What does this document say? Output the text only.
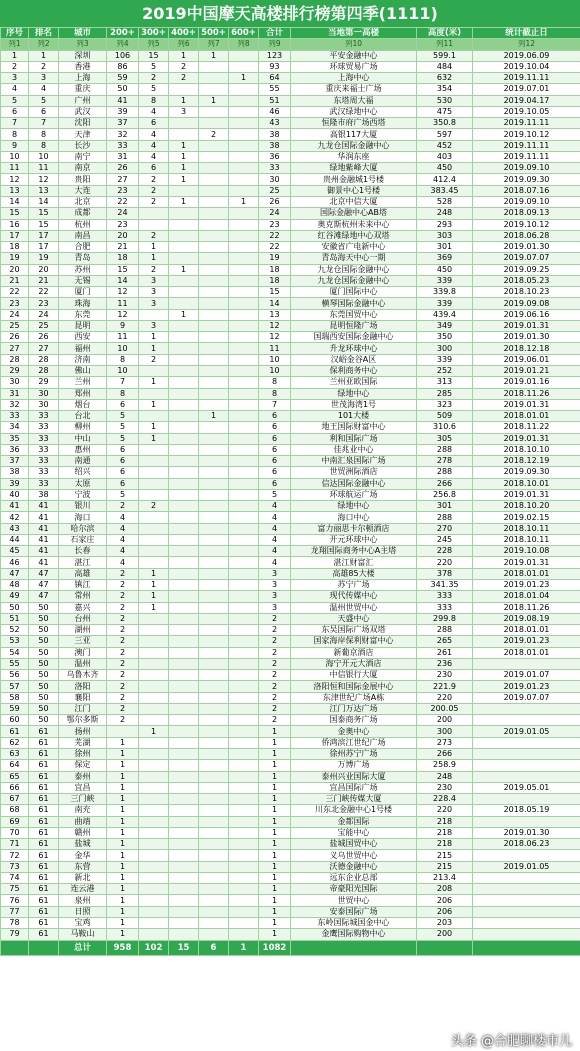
2019中国摩天高楼排行榜第四季(1111)
序号	排名	城市	200+	300+	400+	500+	600+	合计	当地第一高楼	高度(米)	统计截止日
列1	列2	列3	列4	列5	列6	列7	列8	列9	列10	列11	列12
1	1	深圳	106	15	1	1		123	平安金融中心	599.1	2019.06.09
2	2	香港	86	5	2			93	环球贸易广场	484	2019.10.04
3	3	上海	59	2	2		1	64	上海中心	632	2019.11.11
4	4	重庆	50	5				55	重庆来福士广场	354	2019.07.01
5	5	广州	41	8	1	1		51	东塔周大福	530	2019.04.17
6	6	武汉	39	4	3			46	武汉绿地中心	475	2019.10.05
7	7	沈阳	37	6				43	恒隆市府广场西塔	350.8	2019.11.11
8	8	天津	32	4		2		38	高银117大厦	597	2019.10.12
9	8	长沙	33	4	1			38	九龙仓国际金融中心	452	2019.11.11
10	10	南宁	31	4	1			36	华润东座	403	2019.11.11
11	11	南京	26	6	1			33	绿地紫峰大厦	450	2019.09.10
12	12	贵阳	27	2	1			30	贵州金融城1号楼	412.4	2019.09.30
13	13	大连	23	2				25	御景中心1号楼	383.45	2018.07.16
14	14	北京	22	2	1		1	26	北京中信大厦	528	2019.09.10
15	15	成都	24					24	国际金融中心AB塔	248	2018.09.13
16	15	杭州	23					23	奥克斯杭州未来中心	293	2019.10.12
17	17	南昌	20	2				22	红谷滩绿地中心双塔	303	2018.06.28
18	17	合肥	21	1				22	安徽省广电新中心	301	2019.01.30
19	19	青岛	18	1				19	青岛海天中心一期	369	2019.07.07
20	20	苏州	15	2	1			18	九龙仓国际金融中心	450	2019.09.25
21	21	无锡	14	3				18	九龙仓国际金融中心	339	2018.05.23
22	22	厦门	12	3				15	厦门国际中心	339.8	2018.10.23
23	23	珠海	11	3				14	横琴国际金融中心	339	2019.09.08
24	24	东莞	12		1			13	东莞国贸中心	439.4	2019.06.16
25	25	昆明	9	3				12	昆明恒隆广场	349	2019.01.31
26	26	西安	11	1				12	国瑞西安国际金融中心	350	2019.01.30
27	27	福州	10	1				11	升龙环球中心	300	2018.12.18
28	28	济南	8	2				10	汉峪金谷A区	339	2019.06.01
29	28	佛山	10					10	保利商务中心	252	2019.01.21
30	29	兰州	7	1				8	兰州亚欧国际	313	2019.01.16
31	30	郑州	8					8	绿地中心	285	2018.11.26
32	30	烟台	6	1				7	世茂海湾1号	323	2019.01.31
33	33	台北	5			1		6	101大楼	509	2018.01.01
34	33	柳州	5	1				6	地王国际财富中心	310.6	2018.11.22
35	33	中山	5	1				6	利和国际广场	305	2019.01.31
36	33	惠州	6					6	佳兆业中心	288	2018.10.10
37	33	南通	6					6	中南汇泉国际广场	278	2018.12.19
38	33	绍兴	6					6	世贸洲际酒店	288	2019.09.30
39	33	太原	6					6	信达国际金融中心	266	2018.10.01
40	38	宁波	5					5	环球航运广场	256.8	2019.01.31
41	41	银川	2	2				4	绿地中心	301	2018.10.20
42	41	海口	4					4	海口中心	288	2019.02.15
43	41	哈尔滨	4					4	富力丽思卡尔顿酒店	270	2018.10.11
44	41	石家庄	4					4	开元环球中心	245	2018.10.11
45	41	长春	4					4	龙翔国际商务中心A主塔	228	2019.10.08
46	41	湛江	4					4	湛江财富汇	220	2019.01.31
47	47	高雄	2	1				3	高雄85大楼	378	2018.01.01
48	47	镇江	2	1				3	苏宁广场	341.35	2019.01.23
49	47	常州	2	1				3	现代传媒中心	333	2018.01.04
50	50	嘉兴	2	1				3	温州世贸中心	333	2018.11.26
51	50	台州	2					2	天盛中心	299.8	2019.08.19
52	50	湖州	2					2	东吴国际广场双塔	288	2018.01.01
53	50	三亚	2					2	国家海岸保利财富中心	265	2019.01.23
54	50	澳门	2					2	新葡京酒店	261	2018.01.01
55	50	温州	2					2	海宁开元大酒店	236	
56	50	乌鲁木齐	2					2	中信银行大厦	230	2019.01.07
57	50	洛阳	2					2	洛阳恒和国际金展中心	221.9	2019.01.23
58	50	襄阳	2					2	东津世纪广场A栋	220	2019.07.07
59	50	江门	2					2	江门万达广场	200.05	
60	50	鄂尔多斯	2					2	国泰商务广场	200	
61	61	扬州		1				1	金奥中心	300	2019.01.05
62	61	芜湖	1					1	侨鸿滨江世纪广场	273	
63	61	徐州	1					1	徐州苏宁广场	266	
64	61	保定	1					1	万博广场	258.9	
65	61	泰州	1					1	泰州兴业国际大厦	248	
66	61	宜昌	1					1	宜昌国际广场	230	2019.05.01
67	61	三门峡	1					1	三门峡传媒大厦	228.4	
68	61	南充	1					1	川东北金融中心1号楼	220	2018.05.19
69	61	曲靖	1					1	金都国际	218	
70	61	赣州	1					1	宝能中心	218	2019.01.30
71	61	盐城	1					1	盐城国贸中心	218	2018.06.23
72	61	金华	1					1	义乌世贸中心	215	
73	61	东营	1					1	沃德金融中心	215	2019.01.05
74	61	新北	1					1	远东企业总部	213.4	
75	61	连云港	1					1	帝豪阳光国际	208	
76	61	泉州	1					1	世贸中心	206	
77	61	日照	1					1	安泰国际广场	206	
78	61	宝鸡	1					1	东岭国际城国金中心	203	
79	61	马鞍山	1					1	金鹰国际购物中心	200	
		总计	958	102	15	6	1	1082			
头条 @合肥聊楼市儿
